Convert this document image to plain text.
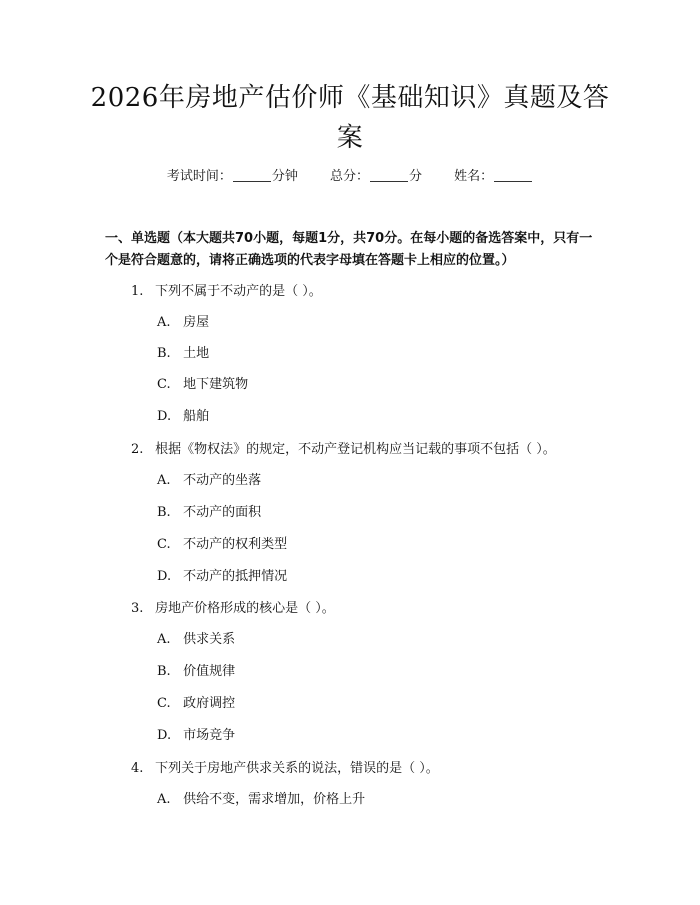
2026年房地产估价师《基础知识》真题及答案
考试时间：	分钟 总分：	分 姓名：
一、单选题（本大题共70小题，每题1分，共70分。在每小题的备选答案中，只有一个是符合题意的，请将正确选项的代表字母填在答题卡上相应的位置。）
1. 下列不属于不动产的是（ ）。
A. 房屋
B. 土地
C. 地下建筑物
D. 船舶
2. 根据《物权法》的规定，不动产登记机构应当记载的事项不包括（ ）。
A. 不动产的坐落
B. 不动产的面积
C. 不动产的权利类型
D. 不动产的抵押情况
3. 房地产价格形成的核心是（ ）。
A. 供求关系
B. 价值规律
C. 政府调控
D. 市场竞争
4. 下列关于房地产供求关系的说法，错误的是（ ）。
A. 供给不变，需求增加，价格上升
